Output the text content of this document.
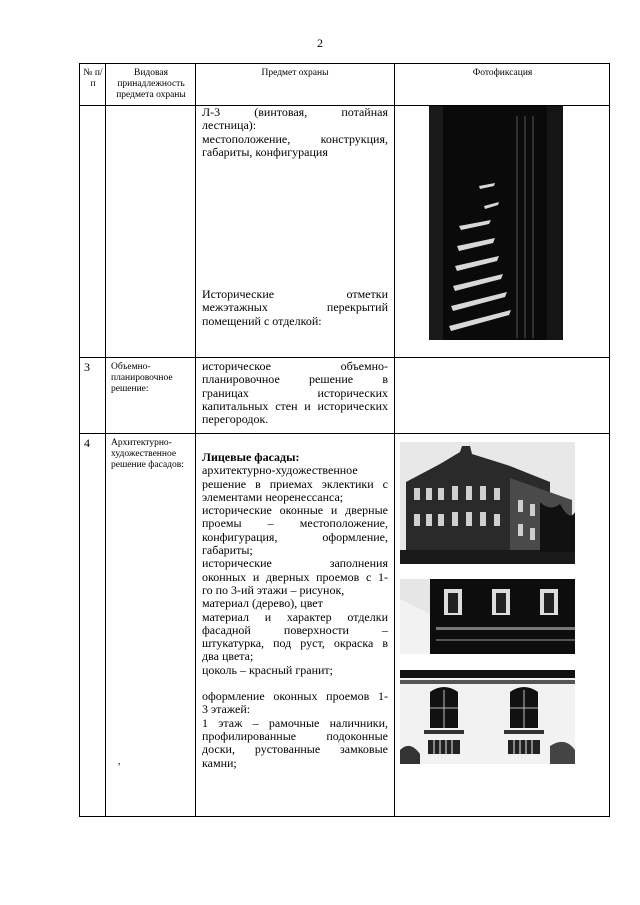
2
№ п/п
Видовая принадлежность предмета охраны
Предмет охраны	Фотофиксация
Л-3 (винтовая, потайная
лестница):
местоположение, конструкция,
габариты, конфигурация
Исторические отметки
межэтажных перекрытий
помещений с отделкой:
3 Объемно-планировочное решение:
историческое объемно-
планировочное решение в
границах исторических
капитальных стен и исторических
перегородок.
4 Архитектурно-художественное решение фасадов:
,
Лицевые фасады:
архитектурно-художественное
решение в приемах эклектики с
элементами неоренессанса;
исторические оконные и дверные
проемы – местоположение,
конфигурация, оформление,
габариты;
исторические заполнения
оконных и дверных проемов с 1-
го по 3-ий этажи – рисунок,
материал (дерево), цвет
материал и характер отделки
фасадной поверхности –
штукатурка, под руст, окраска в
два цвета;
цоколь – красный гранит;
оформление оконных проемов 1-
3 этажей:
1 этаж – рамочные наличники,
профилированные подоконные
доски, рустованные замковые
камни;
